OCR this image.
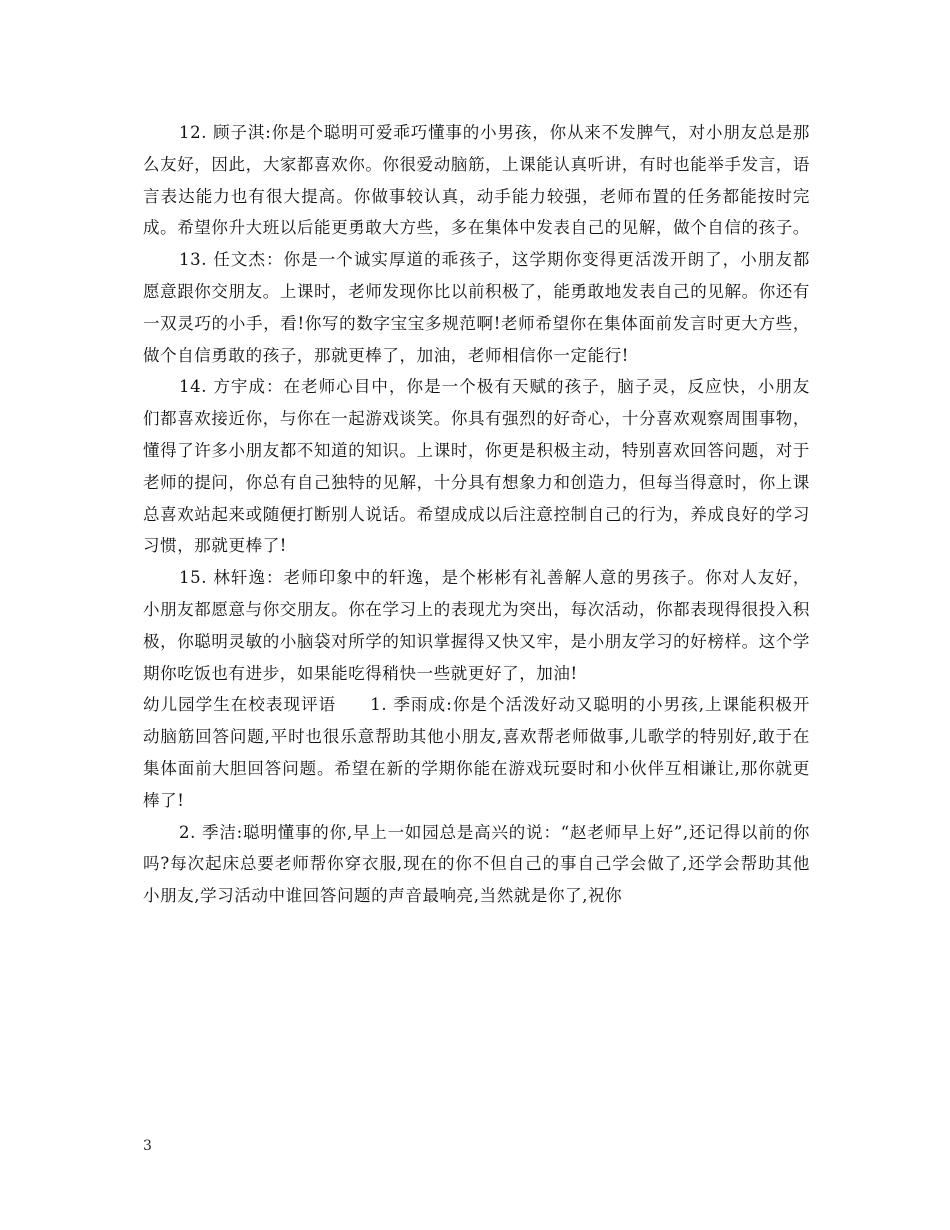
12. 顾子淇:你是个聪明可爱乖巧懂事的小男孩，你从来不发脾气，对小朋友总是那么友好，因此，大家都喜欢你。你很爱动脑筋，上课能认真听讲，有时也能举手发言，语言表达能力也有很大提高。你做事较认真，动手能力较强，老师布置的任务都能按时完成。希望你升大班以后能更勇敢大方些，多在集体中发表自己的见解，做个自信的孩子。

13. 任文杰：你是一个诚实厚道的乖孩子，这学期你变得更活泼开朗了，小朋友都愿意跟你交朋友。上课时，老师发现你比以前积极了，能勇敢地发表自己的见解。你还有一双灵巧的小手，看!你写的数字宝宝多规范啊!老师希望你在集体面前发言时更大方些，做个自信勇敢的孩子，那就更棒了，加油，老师相信你一定能行!

14. 方宇成：在老师心目中，你是一个极有天赋的孩子，脑子灵，反应快，小朋友们都喜欢接近你，与你在一起游戏谈笑。你具有强烈的好奇心，十分喜欢观察周围事物，懂得了许多小朋友都不知道的知识。上课时，你更是积极主动，特别喜欢回答问题，对于老师的提问，你总有自己独特的见解，十分具有想象力和创造力，但每当得意时，你上课总喜欢站起来或随便打断别人说话。希望成成以后注意控制自己的行为，养成良好的学习习惯，那就更棒了!

15. 林轩逸：老师印象中的轩逸，是个彬彬有礼善解人意的男孩子。你对人友好，小朋友都愿意与你交朋友。你在学习上的表现尤为突出，每次活动，你都表现得很投入积极，你聪明灵敏的小脑袋对所学的知识掌握得又快又牢，是小朋友学习的好榜样。这个学期你吃饭也有进步，如果能吃得稍快一些就更好了，加油!

幼儿园学生在校表现评语 1. 季雨成:你是个活泼好动又聪明的小男孩,上课能积极开动脑筋回答问题,平时也很乐意帮助其他小朋友,喜欢帮老师做事,儿歌学的特别好,敢于在集体面前大胆回答问题。希望在新的学期你能在游戏玩耍时和小伙伴互相谦让,那你就更棒了!

2. 季洁:聪明懂事的你,早上一如园总是高兴的说：“赵老师早上好”,还记得以前的你吗?每次起床总要老师帮你穿衣服,现在的你不但自己的事自己学会做了,还学会帮助其他小朋友,学习活动中谁回答问题的声音最响亮,当然就是你了,祝你

3
